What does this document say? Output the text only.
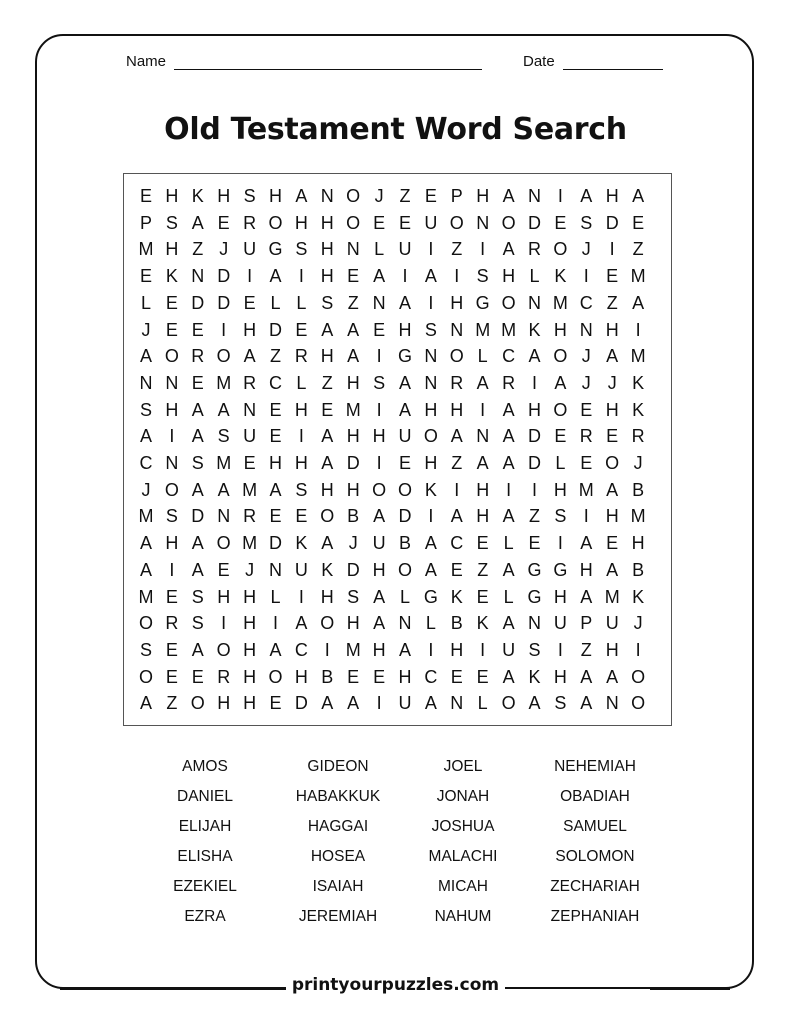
Name	Date
Old Testament Word Search
E H K H S H A N O J Z E P H A N I A H A
P S A E R O H H O E E U O N O D E S D E
M H Z J U G S H N L U I Z I A R O J	I Z
E K N D I A I H E A I A I S H L K I E M
L E D D E L L S Z N A I H G O N M C Z A
J E E I H D E A A E H S N M M K H N H I
A O R O A Z R H A I G N O L C A O J A M
N N E M R C L Z H S A N R A R I A J J K
S H A A N E H E M I A H H I A H O E H K
A I A S U E I A H H U O A N A D E R E R
C N S M E H H A D I E H Z A A D L E O J
J O A A M A S H H O O K I H I	I H M A B
M S D N R E E O B A D I A H A Z S I H M
A H A O M D K A J U B A C E L E I A E H
A I A E J N U K D H O A E Z A G G H A B
M E S H H L	I H S A L G K E L G H A M K
O R S I H I A O H A N L B K A N U P U J
S E A O H A C I M H A I H I U S I Z H I
O E E R H O H B E E H C E E A K H A A O
A Z O H H E D A A I U A N L O A S A N O
AMOS	GIDEON	JOEL	NEHEMIAH
DANIEL	HABAKKUK	JONAH	OBADIAH
ELIJAH	HAGGAI	JOSHUA	SAMUEL
ELISHA	HOSEA	MALACHI	SOLOMON
EZEKIEL	ISAIAH	MICAH	ZECHARIAH
EZRA	JEREMIAH	NAHUM	ZEPHANIAH
printyourpuzzles.com
